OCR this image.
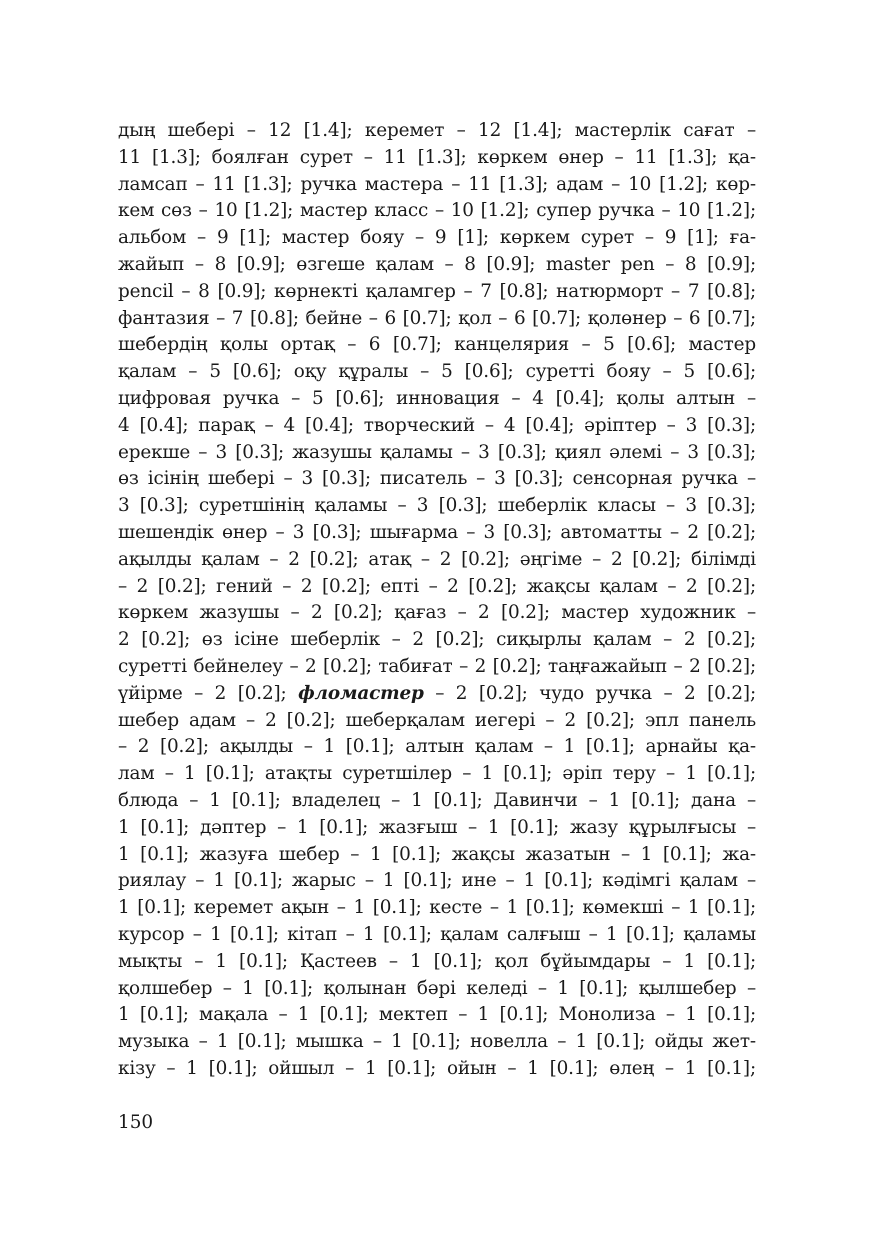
дың шебері – 12 [1.4]; керемет – 12 [1.4]; мастерлік сағат –
11 [1.3]; боялған сурет – 11 [1.3]; көркем өнер – 11 [1.3]; қа-
ламсап – 11 [1.3]; ручка мастера – 11 [1.3]; адам – 10 [1.2]; көр-
кем сөз – 10 [1.2]; мастер класс – 10 [1.2]; супер ручка – 10 [1.2];
альбом – 9 [1]; мастер бояу – 9 [1]; көркем сурет – 9 [1]; ға-
жайып – 8 [0.9]; өзгеше қалам – 8 [0.9]; master pen – 8 [0.9];
pencil – 8 [0.9]; көрнекті қаламгер – 7 [0.8]; натюрморт – 7 [0.8];
фантазия – 7 [0.8]; бейне – 6 [0.7]; қол – 6 [0.7]; қолөнер – 6 [0.7];
шебердің қолы ортақ – 6 [0.7]; канцелярия – 5 [0.6]; мастер
қалам – 5 [0.6]; оқу құралы – 5 [0.6]; суретті бояу – 5 [0.6];
цифровая ручка – 5 [0.6]; инновация – 4 [0.4]; қолы алтын –
4 [0.4]; парақ – 4 [0.4]; творческий – 4 [0.4]; әріптер – 3 [0.3];
ерекше – 3 [0.3]; жазушы қаламы – 3 [0.3]; қиял әлемі – 3 [0.3];
өз ісінің шебері – 3 [0.3]; писатель – 3 [0.3]; сенсорная ручка –
3 [0.3]; суретшінің қаламы – 3 [0.3]; шеберлік класы – 3 [0.3];
шешендік өнер – 3 [0.3]; шығарма – 3 [0.3]; автоматты – 2 [0.2];
ақылды қалам – 2 [0.2]; атақ – 2 [0.2]; әңгіме – 2 [0.2]; білімді
– 2 [0.2]; гений – 2 [0.2]; епті – 2 [0.2]; жақсы қалам – 2 [0.2];
көркем жазушы – 2 [0.2]; қағаз – 2 [0.2]; мастер художник –
2 [0.2]; өз ісіне шеберлік – 2 [0.2]; сиқырлы қалам – 2 [0.2];
суретті бейнелеу – 2 [0.2]; табиғат – 2 [0.2]; таңғажайып – 2 [0.2];
үйірме – 2 [0.2]; фломастер – 2 [0.2]; чудо ручка – 2 [0.2];
шебер адам – 2 [0.2]; шеберқалам иегері – 2 [0.2]; эпл панель
– 2 [0.2]; ақылды – 1 [0.1]; алтын қалам – 1 [0.1]; арнайы қа-
лам – 1 [0.1]; атақты суретшілер – 1 [0.1]; әріп теру – 1 [0.1];
блюда – 1 [0.1]; владелец – 1 [0.1]; Давинчи – 1 [0.1]; дана –
1 [0.1]; дәптер – 1 [0.1]; жазғыш – 1 [0.1]; жазу құрылғысы –
1 [0.1]; жазуға шебер – 1 [0.1]; жақсы жазатын – 1 [0.1]; жа-
риялау – 1 [0.1]; жарыс – 1 [0.1]; ине – 1 [0.1]; кәдімгі қалам –
1 [0.1]; керемет ақын – 1 [0.1]; кесте – 1 [0.1]; көмекші – 1 [0.1];
курсор – 1 [0.1]; кітап – 1 [0.1]; қалам салғыш – 1 [0.1]; қаламы
мықты – 1 [0.1]; Қастеев – 1 [0.1]; қол бұйымдары – 1 [0.1];
қолшебер – 1 [0.1]; қолынан бәрі келеді – 1 [0.1]; қылшебер –
1 [0.1]; мақала – 1 [0.1]; мектеп – 1 [0.1]; Монолиза – 1 [0.1];
музыка – 1 [0.1]; мышка – 1 [0.1]; новелла – 1 [0.1]; ойды жет-
кізу – 1 [0.1]; ойшыл – 1 [0.1]; ойын – 1 [0.1]; өлең – 1 [0.1];
150
